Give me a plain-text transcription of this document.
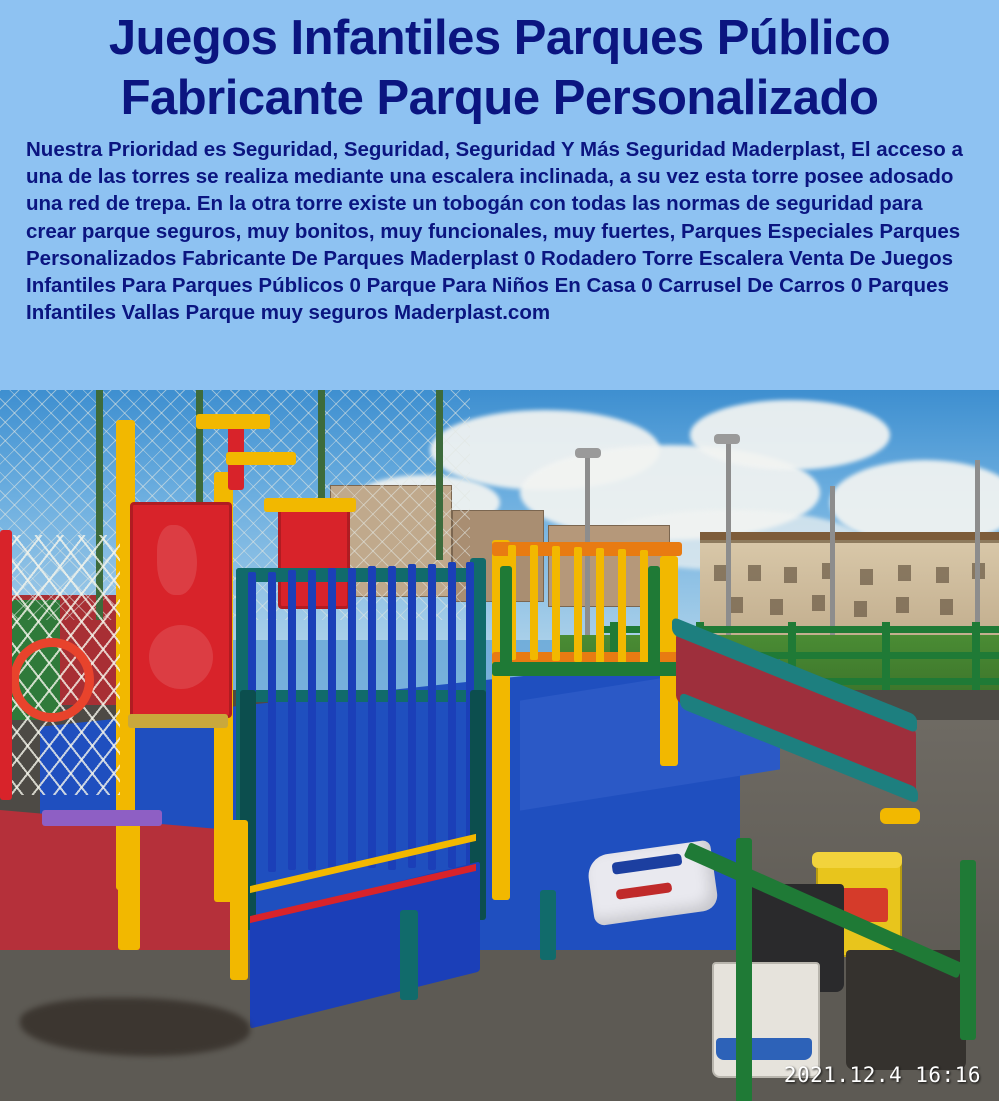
Juegos Infantiles Parques Público
Fabricante Parque Personalizado
Nuestra Prioridad es Seguridad, Seguridad, Seguridad Y Más Seguridad Maderplast, El acceso a una de las torres se realiza mediante una escalera inclinada, a su vez esta torre posee adosado una red de trepa. En la otra torre existe un tobogán con todas las normas de seguridad para crear parque seguros, muy bonitos, muy funcionales, muy fuertes, Parques Especiales Parques Personalizados Fabricante De Parques Maderplast 0 Rodadero Torre Escalera Venta De Juegos Infantiles Para Parques Públicos 0 Parque Para Niños En Casa 0 Carrusel De Carros 0 Parques Infantiles Vallas Parque muy seguros Maderplast.com
2021.12.4 16:16
